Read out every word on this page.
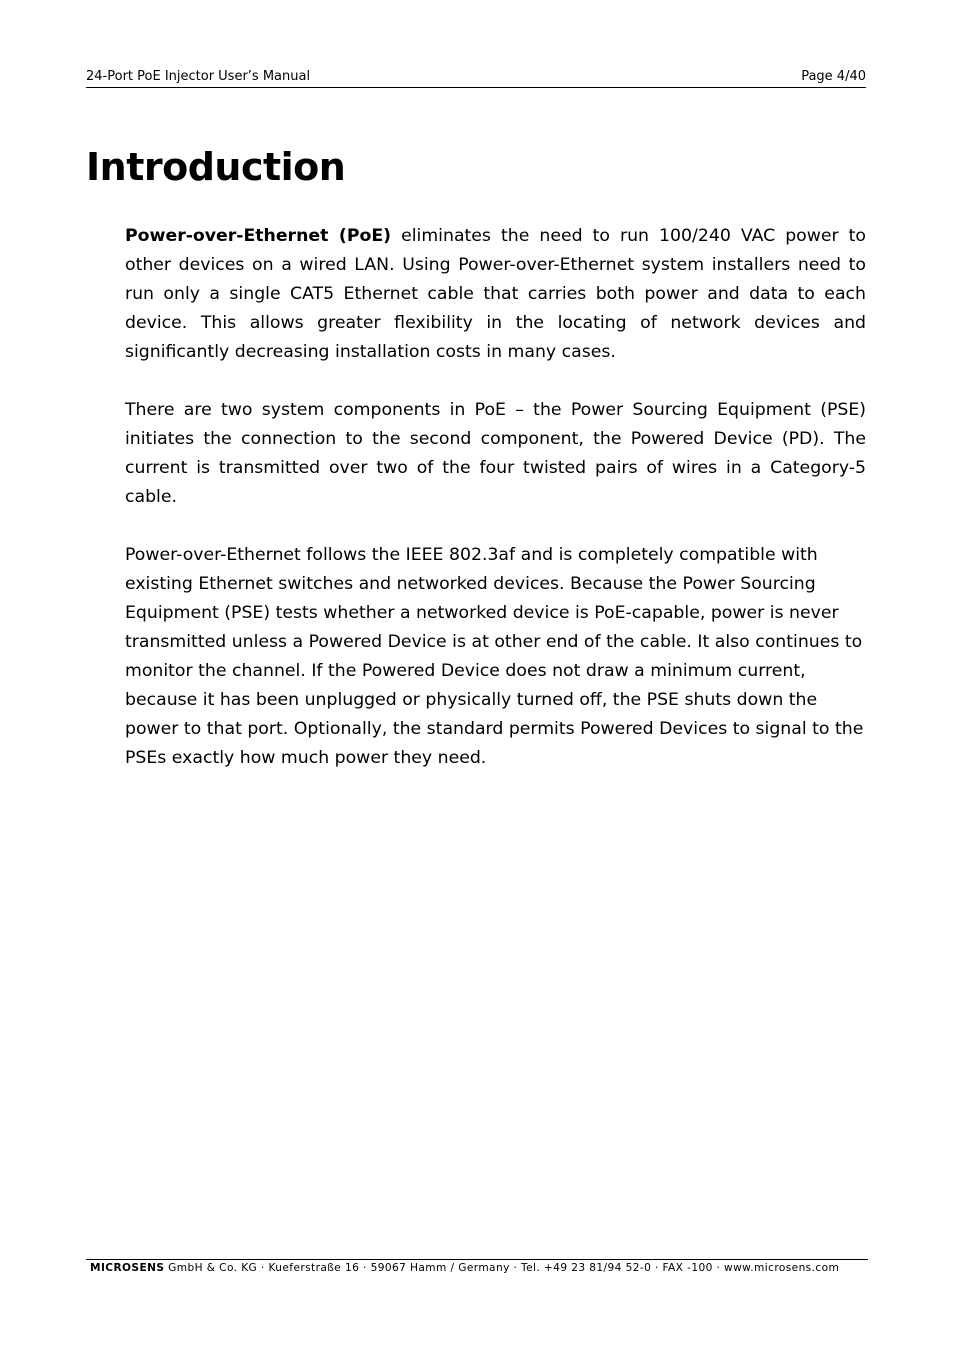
24-Port PoE Injector User’s Manual	Page 4/40
Introduction

Power-over-Ethernet (PoE) eliminates the need to run 100/240 VAC power to other devices on a wired LAN. Using Power-over-Ethernet system installers need to run only a single CAT5 Ethernet cable that carries both power and data to each device. This allows greater flexibility in the locating of network devices and significantly decreasing installation costs in many cases.

There are two system components in PoE – the Power Sourcing Equipment (PSE) initiates the connection to the second component, the Powered Device (PD). The current is transmitted over two of the four twisted pairs of wires in a Category-5 cable.

Power-over-Ethernet follows the IEEE 802.3af and is completely compatible with existing Ethernet switches and networked devices. Because the Power Sourcing Equipment (PSE) tests whether a networked device is PoE-capable, power is never transmitted unless a Powered Device is at other end of the cable. It also continues to monitor the channel. If the Powered Device does not draw a minimum current, because it has been unplugged or physically turned off, the PSE shuts down the power to that port. Optionally, the standard permits Powered Devices to signal to the PSEs exactly how much power they need.

MICROSENS GmbH & Co. KG · Kueferstraße 16 · 59067 Hamm / Germany · Tel. +49 23 81/94 52-0 · FAX -100 · www.microsens.com
